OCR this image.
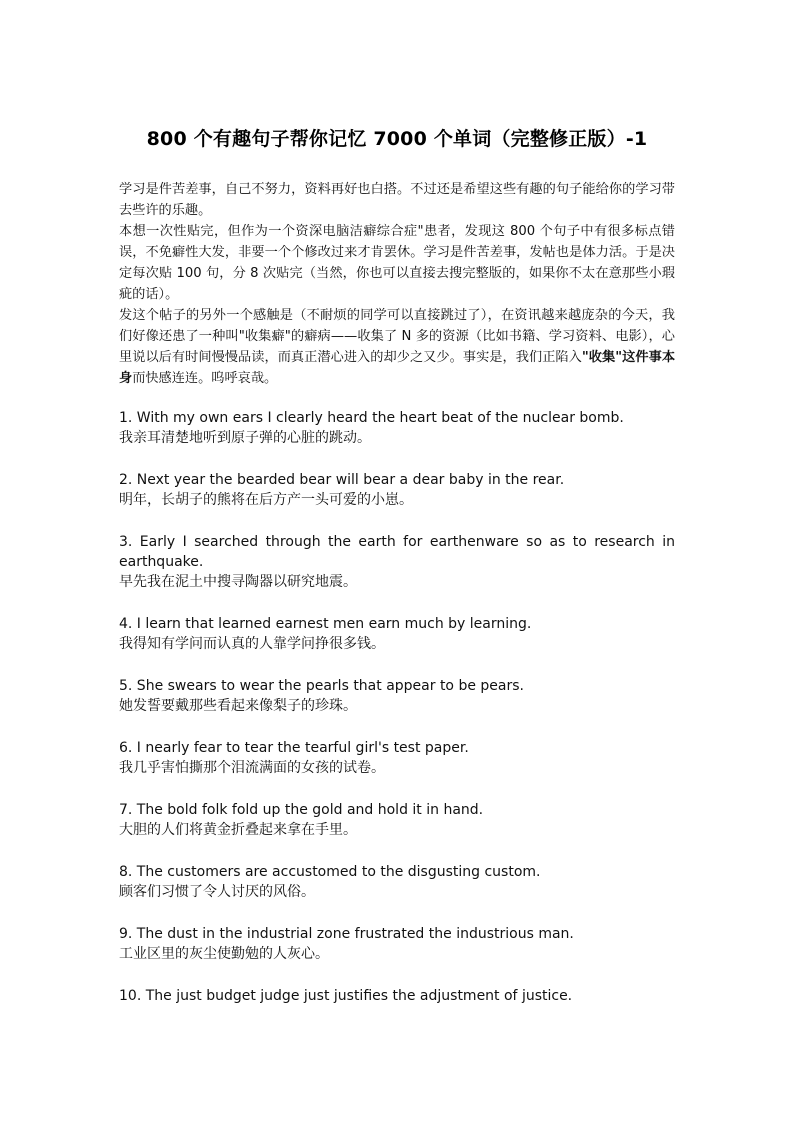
800 个有趣句子帮你记忆 7000 个单词（完整修正版）-1

学习是件苦差事，自己不努力，资料再好也白搭。不过还是希望这些有趣的句子能给你的学习带去些许的乐趣。

本想一次性贴完，但作为一个资深电脑洁癖综合症"患者，发现这 800 个句子中有很多标点错误，不免癖性大发，非要一个个修改过来才肯罢休。学习是件苦差事，发帖也是体力活。于是决定每次贴 100 句，分 8 次贴完（当然，你也可以直接去搜完整版的，如果你不太在意那些小瑕疵的话）。

发这个帖子的另外一个感触是（不耐烦的同学可以直接跳过了），在资讯越来越庞杂的今天，我们好像还患了一种叫"收集癖"的癖病——收集了 N 多的资源（比如书籍、学习资料、电影），心里说以后有时间慢慢品读，而真正潜心进入的却少之又少。事实是，我们正陷入"收集"这件事本身而快感连连。呜呼哀哉。

1. With my own ears I clearly heard the heart beat of the nuclear bomb.
我亲耳清楚地听到原子弹的心脏的跳动。
2. Next year the bearded bear will bear a dear baby in the rear.
明年，长胡子的熊将在后方产一头可爱的小崽。
3. Early I searched through the earth for earthenware so as to research in earthquake.
早先我在泥土中搜寻陶器以研究地震。
4. I learn that learned earnest men earn much by learning.
我得知有学问而认真的人靠学问挣很多钱。
5. She swears to wear the pearls that appear to be pears.
她发誓要戴那些看起来像梨子的珍珠。
6. I nearly fear to tear the tearful girl's test paper.
我几乎害怕撕那个泪流满面的女孩的试卷。
7. The bold folk fold up the gold and hold it in hand.
大胆的人们将黄金折叠起来拿在手里。
8. The customers are accustomed to the disgusting custom.
顾客们习惯了令人讨厌的风俗。
9. The dust in the industrial zone frustrated the industrious man.
工业区里的灰尘使勤勉的人灰心。
10. The just budget judge just justifies the adjustment of justice.
